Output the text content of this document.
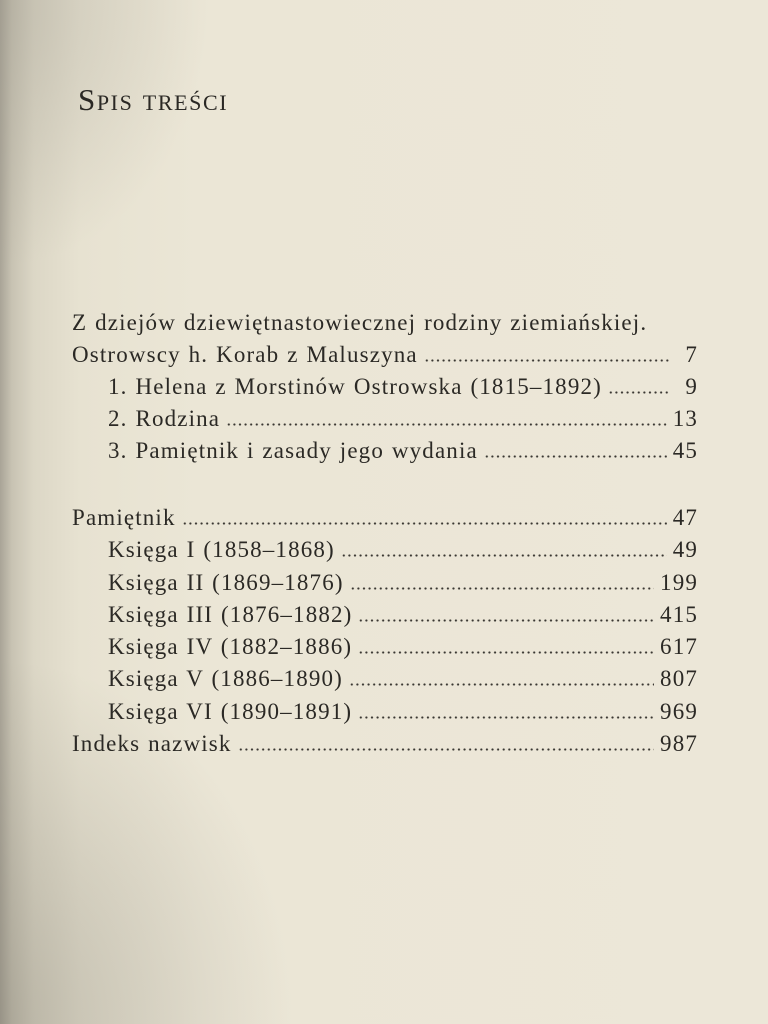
Spis treści
Z dziejów dziewiętnastowiecznej rodziny ziemiańskiej.
Ostrowscy h. Korab z Maluszyna	7
1. Helena z Morstinów Ostrowska (1815–1892)	9
2. Rodzina	13
3. Pamiętnik i zasady jego wydania	45
Pamiętnik	47
Księga I (1858–1868)	49
Księga II (1869–1876)	199
Księga III (1876–1882)	415
Księga IV (1882–1886)	617
Księga V (1886–1890)	807
Księga VI (1890–1891)	969
Indeks nazwisk	987
